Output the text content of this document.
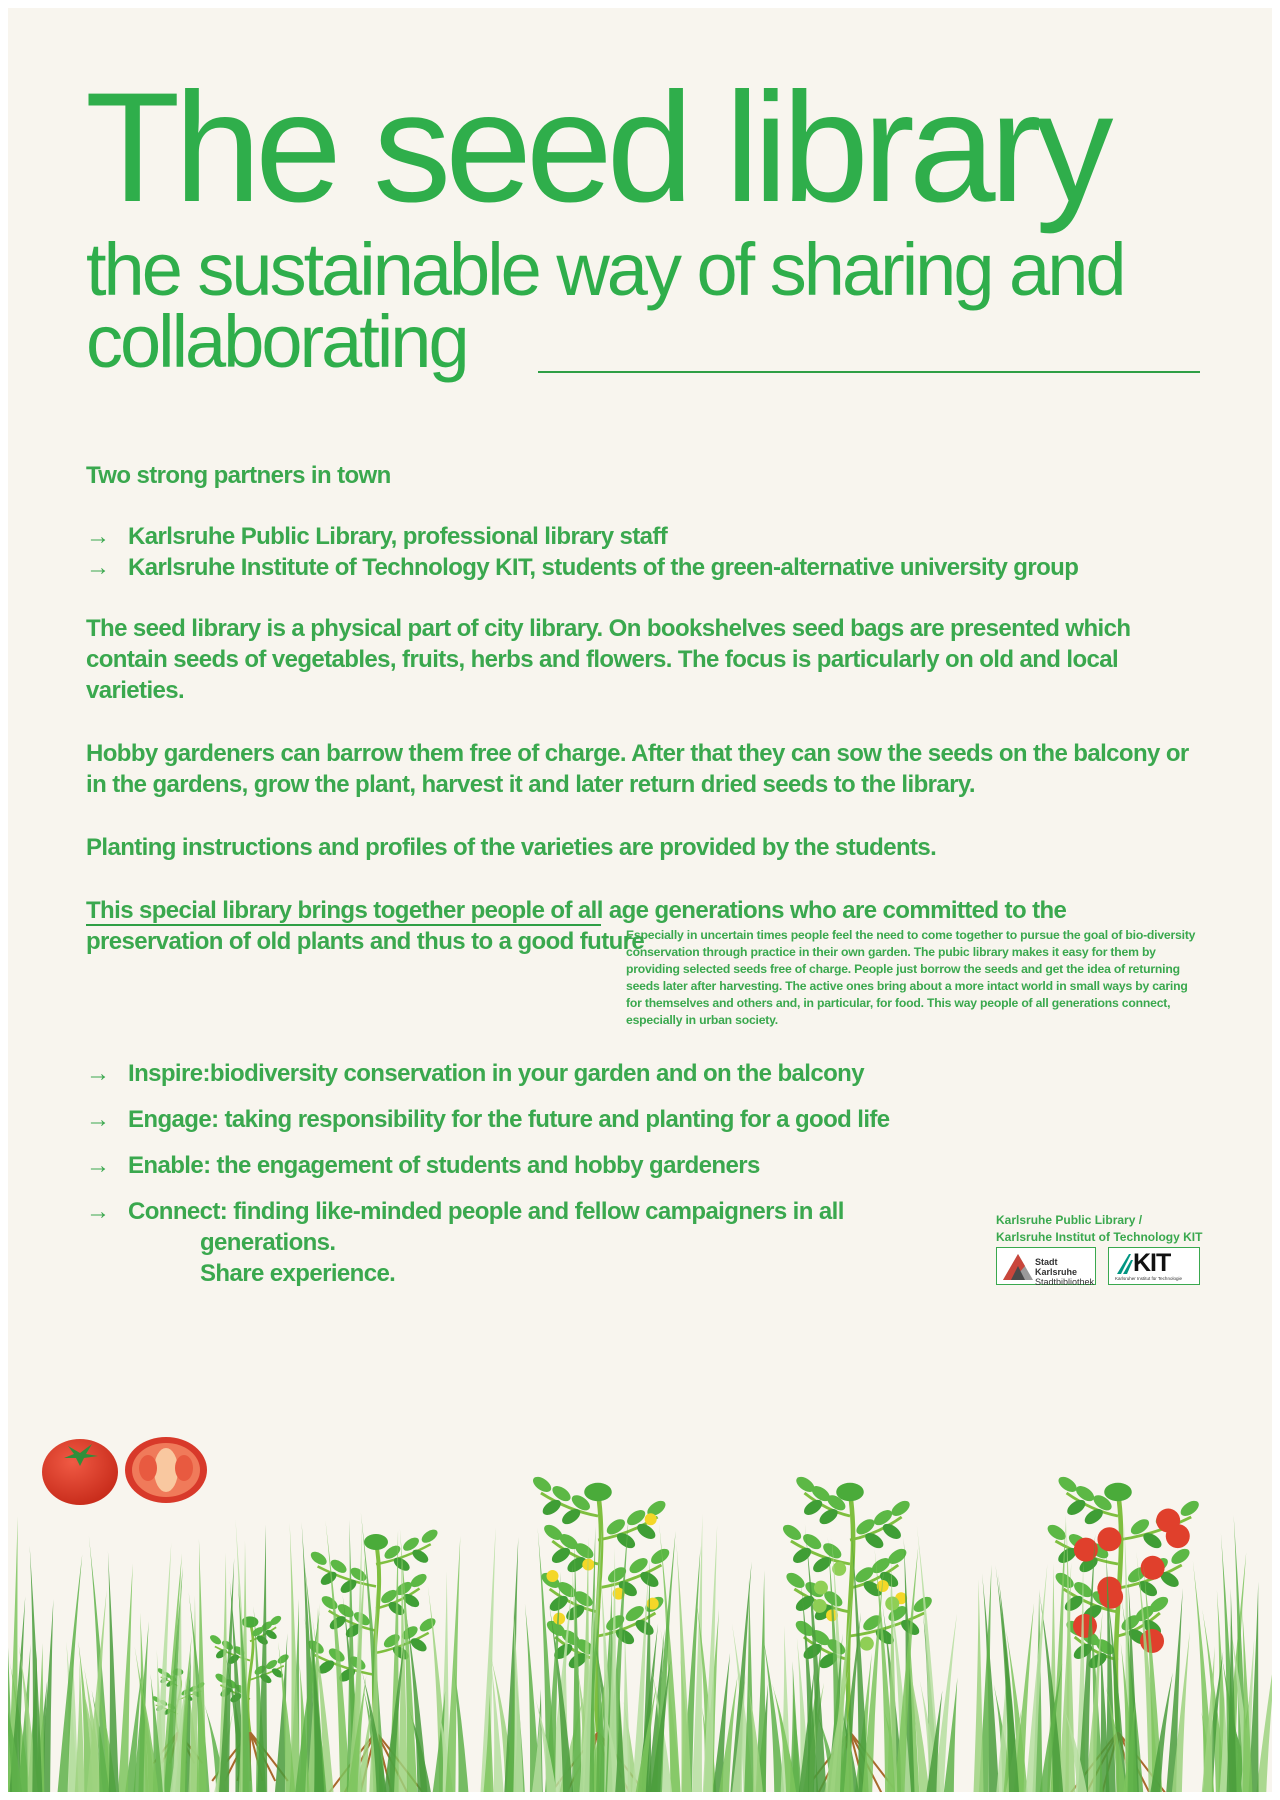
The seed library
the sustainable way of sharing and collaborating
Two strong partners in town
→ Karlsruhe Public Library, professional library staff
→ Karlsruhe Institute of Technology KIT, students of the green-alternative university group

The seed library is a physical part of city library. On bookshelves seed bags are presented which contain seeds of vegetables, fruits, herbs and flowers. The focus is particularly on old and local varieties.

Hobby gardeners can barrow them free of charge. After that they can sow the seeds on the balcony or in the gardens, grow the plant, harvest it and later return dried seeds to the library.

Planting instructions and profiles of the varieties are provided by the students.

This special library brings together people of all age generations who are committed to the preservation of old plants and thus to a good future

Especially in uncertain times people feel the need to come together to pursue the goal of bio-diversity conservation through practice in their own garden. The pubic library makes it easy for them by providing selected seeds free of charge. People just borrow the seeds and get the idea of returning seeds later after harvesting. The active ones bring about a more intact world in small ways by caring for themselves and others and, in particular, for food. This way people of all generations connect, especially in urban society.
→ Inspire:biodiversity conservation in your garden and on the balcony
→ Engage: taking responsibility for the future and planting for a good life
→ Enable: the engagement of students and hobby gardeners
→ Connect: finding like-minded people and fellow campaigners in all
generations.
Share experience.
Karlsruhe Public Library /
Karlsruhe Institut of Technology KIT
Stadt Karlsruhe
Stadtbibliothek
KIT
Karlsruher Institut für Technologie
